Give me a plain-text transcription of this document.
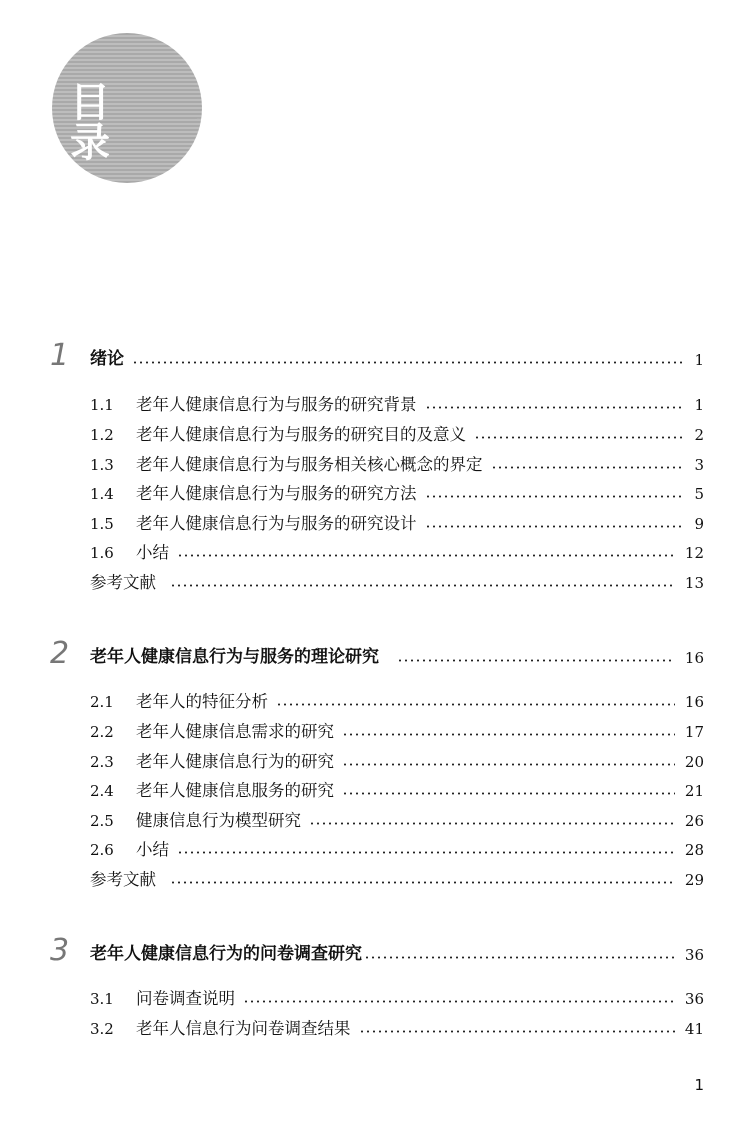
目 录
1 绪论	1
1.1	老年人健康信息行为与服务的研究背景	1
1.2	老年人健康信息行为与服务的研究目的及意义	2
1.3	老年人健康信息行为与服务相关核心概念的界定	3
1.4	老年人健康信息行为与服务的研究方法	5
1.5	老年人健康信息行为与服务的研究设计	9
1.6	小结	12
参考文献	13
2 老年人健康信息行为与服务的理论研究	16
2.1	老年人的特征分析	16
2.2	老年人健康信息需求的研究	17
2.3	老年人健康信息行为的研究	20
2.4	老年人健康信息服务的研究	21
2.5	健康信息行为模型研究	26
2.6	小结	28
参考文献	29
3 老年人健康信息行为的问卷调查研究	36
3.1	问卷调查说明	36
3.2	老年人信息行为问卷调查结果	41
1
